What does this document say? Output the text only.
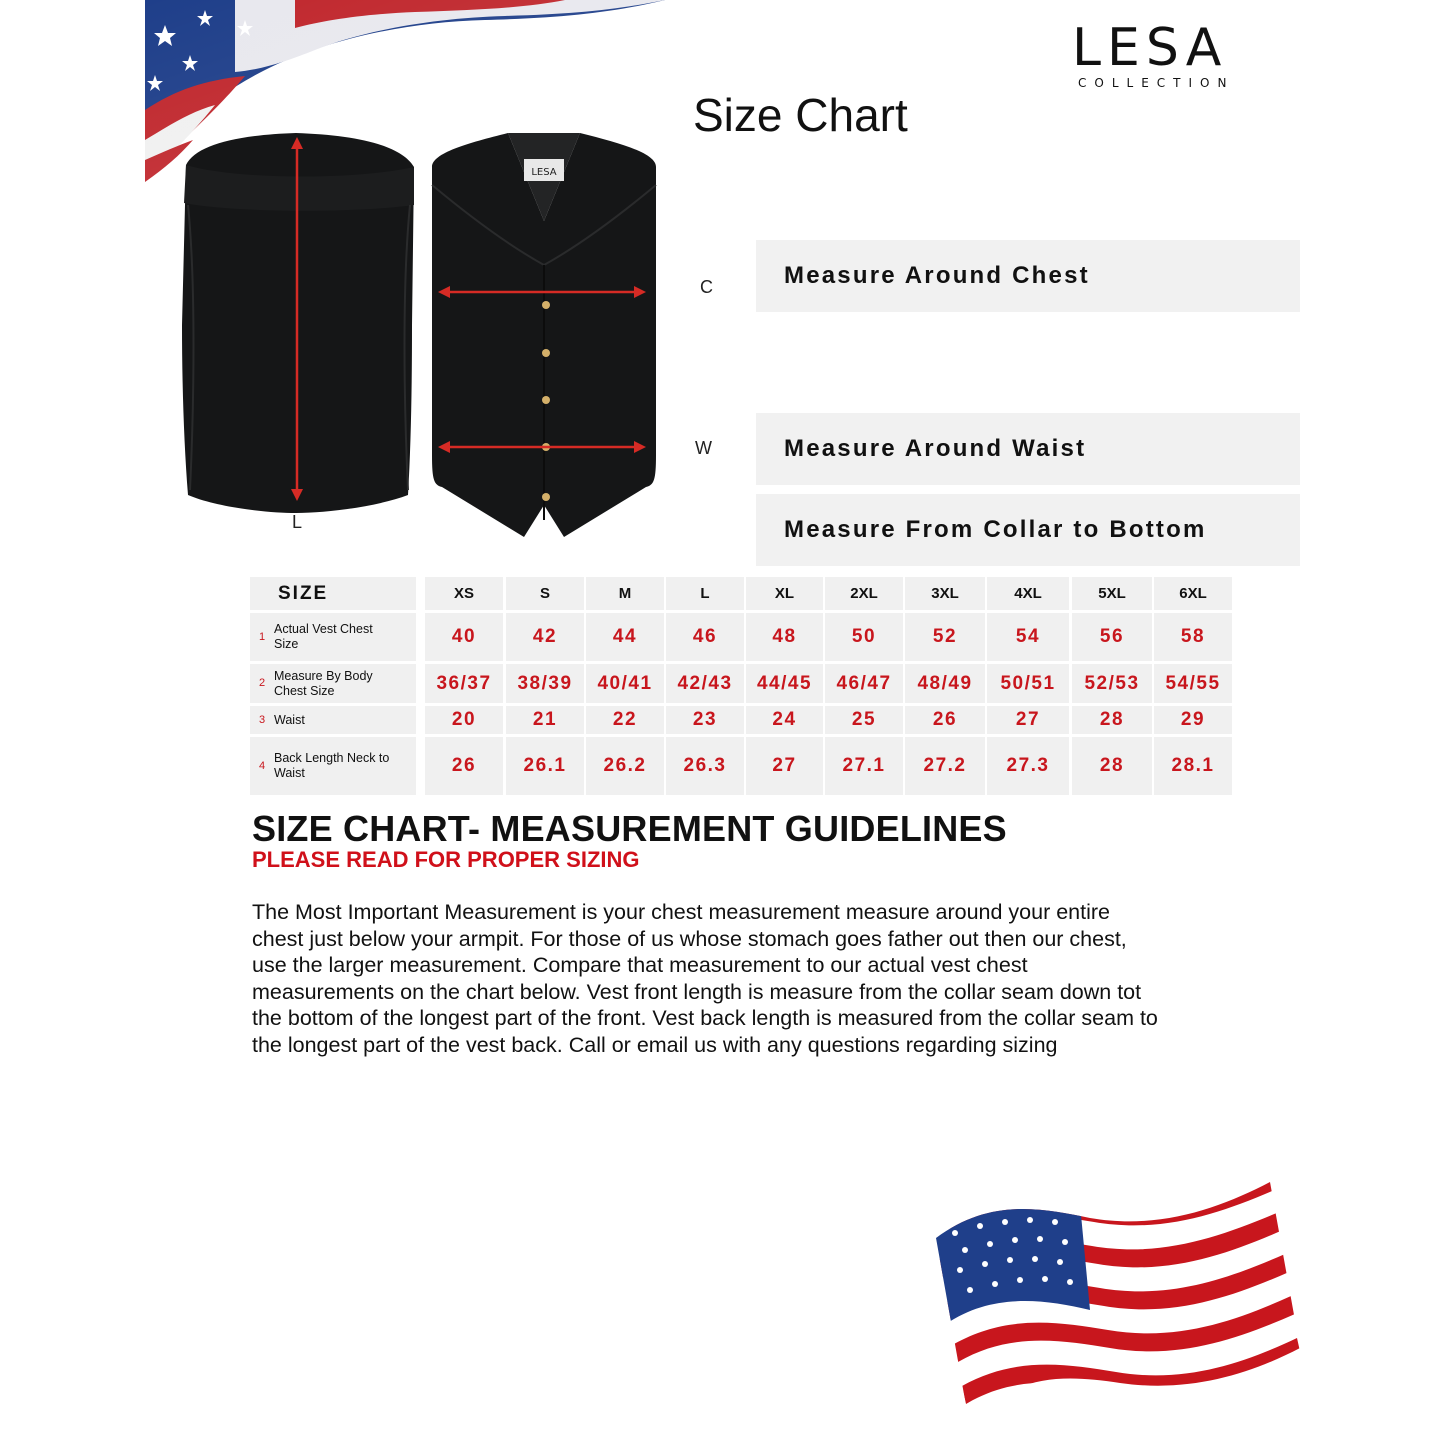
LESA
COLLECTION
Size Chart
L
LESA
C
W
Measure Around Chest
Measure Around Waist
Measure From Collar to Bottom
SIZE	XS	S	M	L	XL	2XL	3XL	4XL	5XL	6XL
1
Actual Vest Chest Size	40	42	44	46	48	50	52	54	56	58
2
Measure By Body Chest Size	36/37	38/39	40/41	42/43	44/45	46/47	48/49	50/51	52/53	54/55
3 Waist	20	21	22	23	24	25	26	27	28	29
4
Back Length Neck to Waist	26	26.1	26.2	26.3	27	27.1	27.2	27.3	28	28.1
SIZE CHART- MEASUREMENT GUIDELINES
PLEASE READ FOR PROPER SIZING
The Most Important Measurement is your chest measurement measure around your entire chest just below your armpit. For those of us whose stomach goes father out then our chest, use the larger measurement. Compare that measurement to our actual vest chest measurements on the chart below. Vest front length is measure from the collar seam down tot the bottom of the longest part of the front. Vest back length is measured from the collar seam to the longest part of the vest back. Call or email us with any questions regarding sizing
